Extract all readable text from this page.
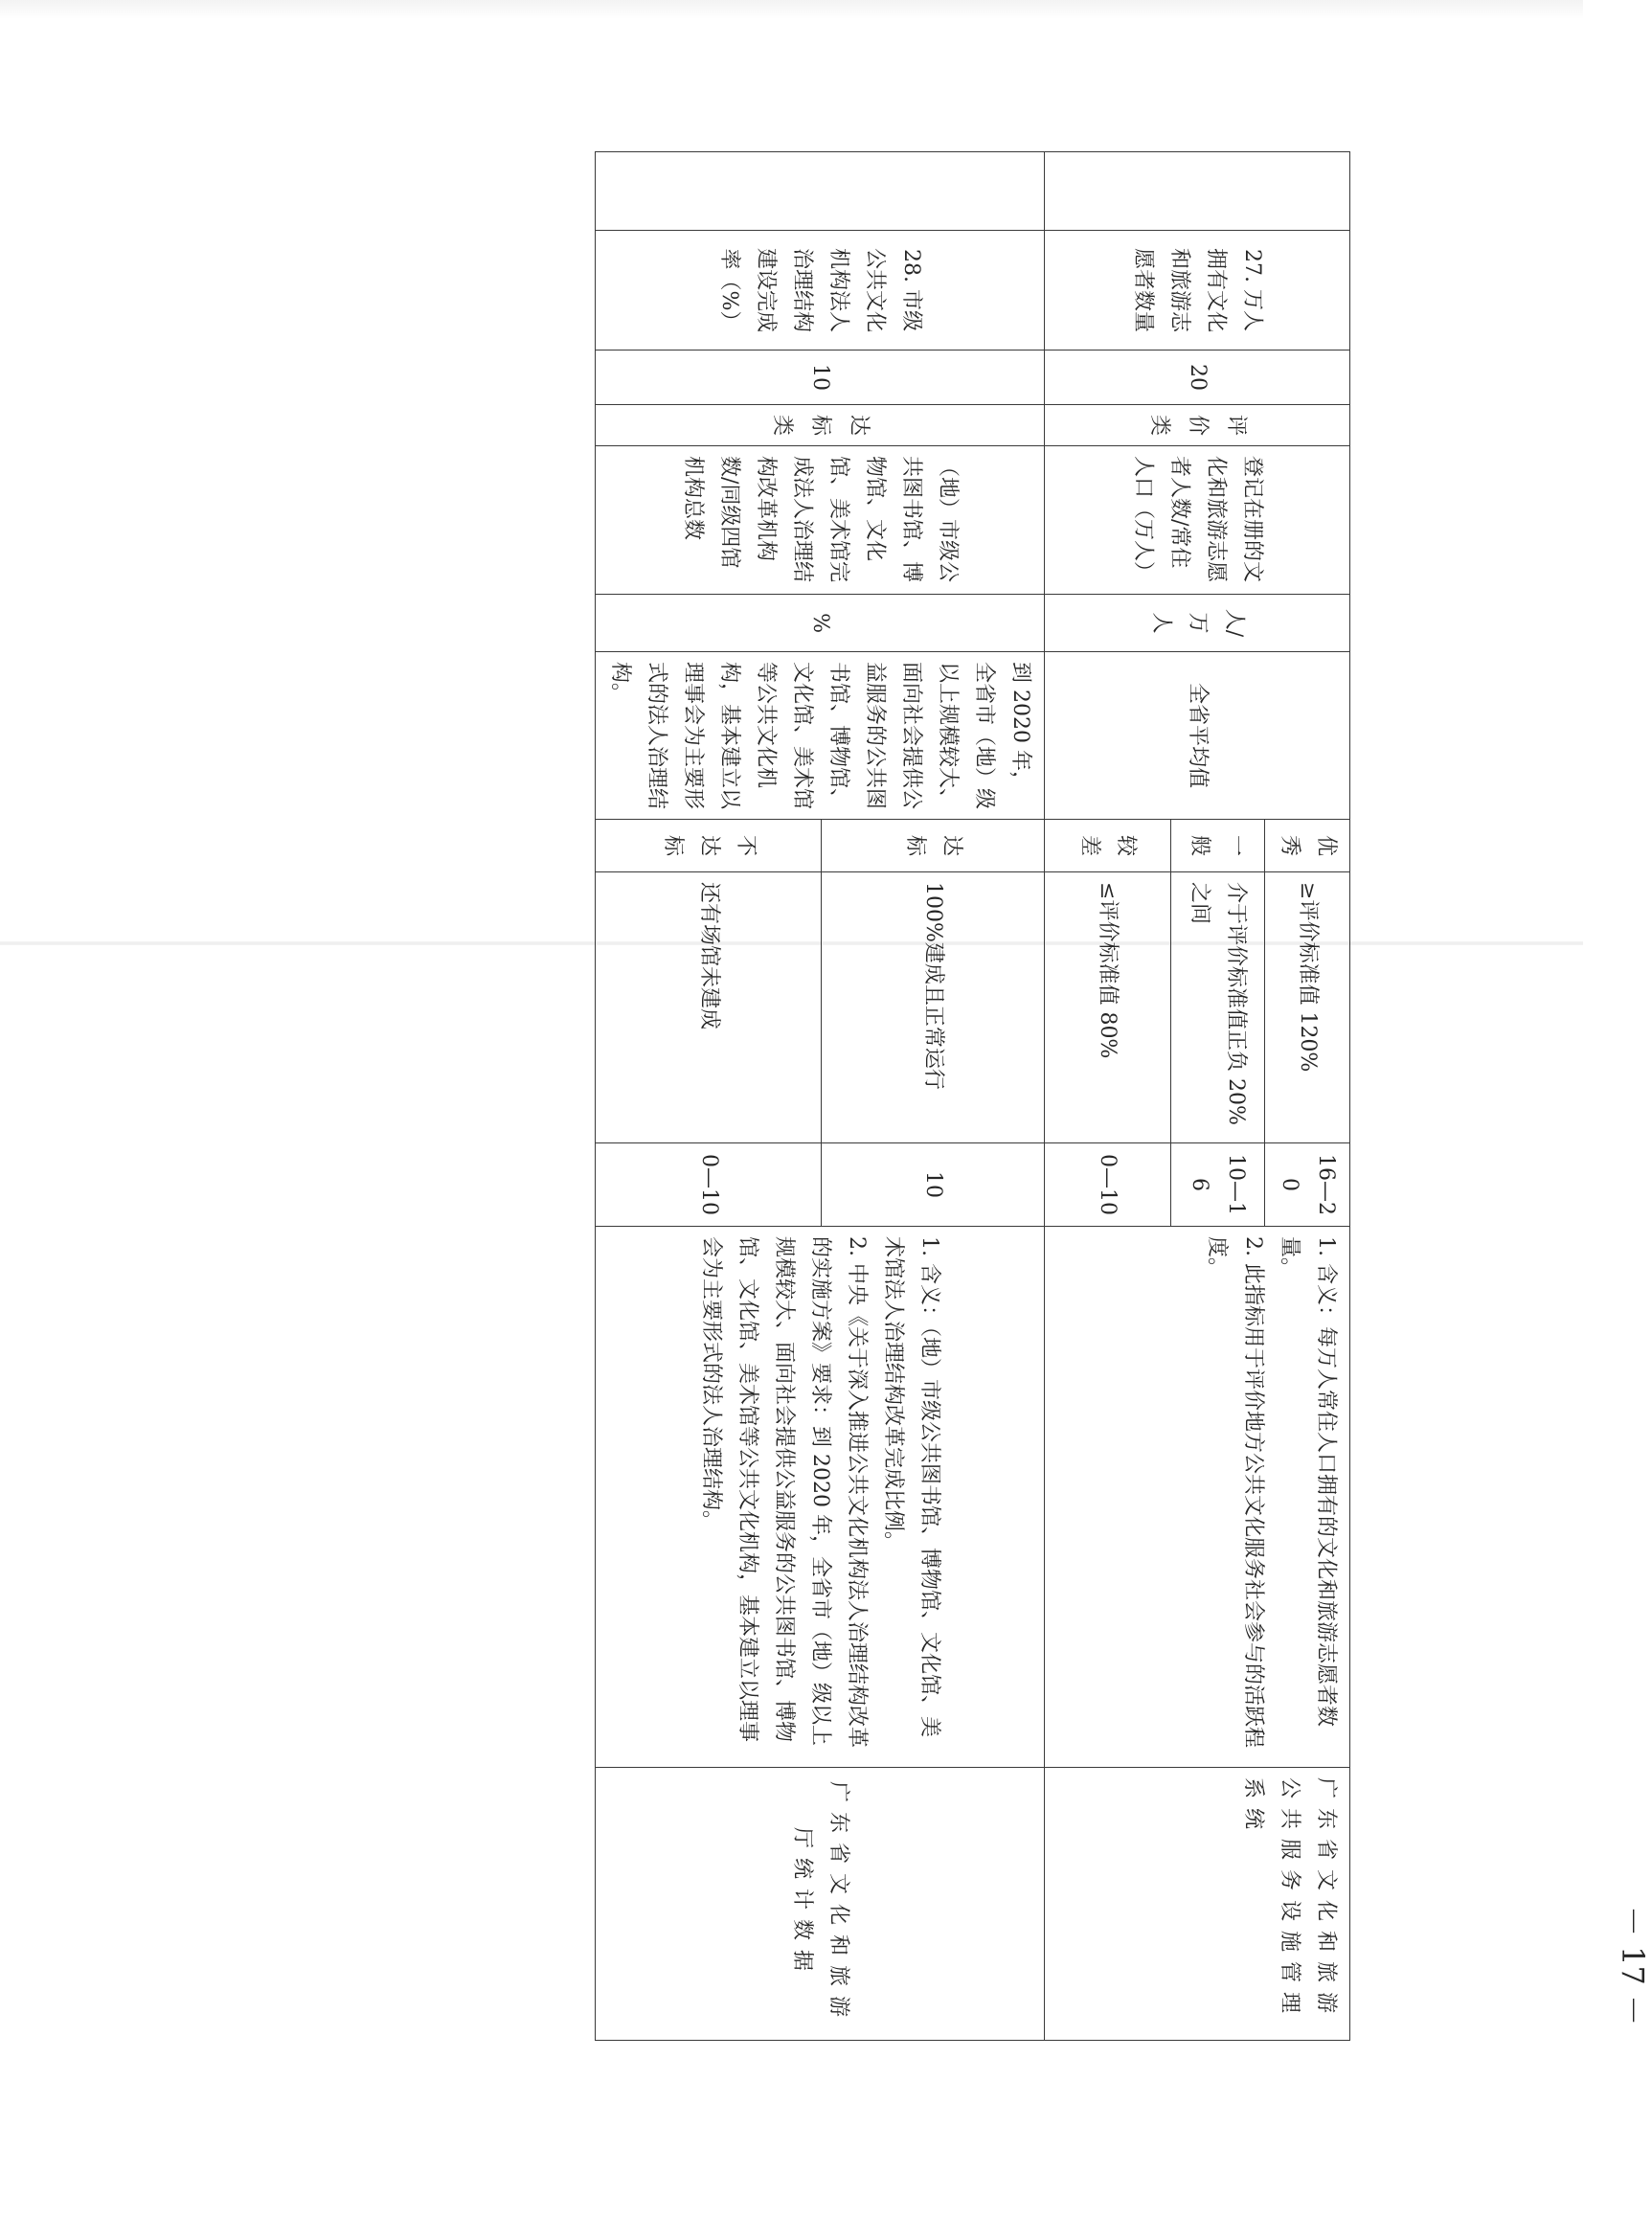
－ 17 －
	27. 万人拥有文化和旅游志愿者数量	20	评价类	登记在册的文化和旅游志愿者人数/常住人口（万人）	人/万人	全省平均值	优秀	≥评价标准值 120%	16—20	1. 含义：每万人常住人口拥有的文化和旅游志愿者数量。
2. 此指标用于评价地方公共文化服务社会参与的活跃程度。	广东省文化和旅游公共服务设施管理系统
							一般	介于评价标准值正负 20%之间	10—16		
							较差	≤评价标准值 80%	0—10		
	28. 市级公共文化机构法人治理结构建设完成率（%）	10	达标类	（地）市级公共图书馆、博物馆、文化馆、美术馆完成法人治理结构改革机构数/同级四馆机构总数	%	到 2020 年，全省市（地）级以上规模较大、面向社会提供公益服务的公共图书馆、博物馆、文化馆、美术馆等公共文化机构，基本建立以理事会为主要形式的法人治理结构。	达标	100%建成且正常运行	10	1. 含义：（地）市级公共图书馆、博物馆、文化馆、美术馆法人治理结构改革完成比例。
2. 中央《关于深入推进公共文化机构法人治理结构改革的实施方案》要求：到 2020 年，全省市（地）级以上规模较大、面向社会提供公益服务的公共图书馆、博物馆、文化馆、美术馆等公共文化机构，基本建立以理事会为主要形式的法人治理结构。	广东省文化和旅游厅统计数据
							不达标	还有场馆未建成	0—10		
